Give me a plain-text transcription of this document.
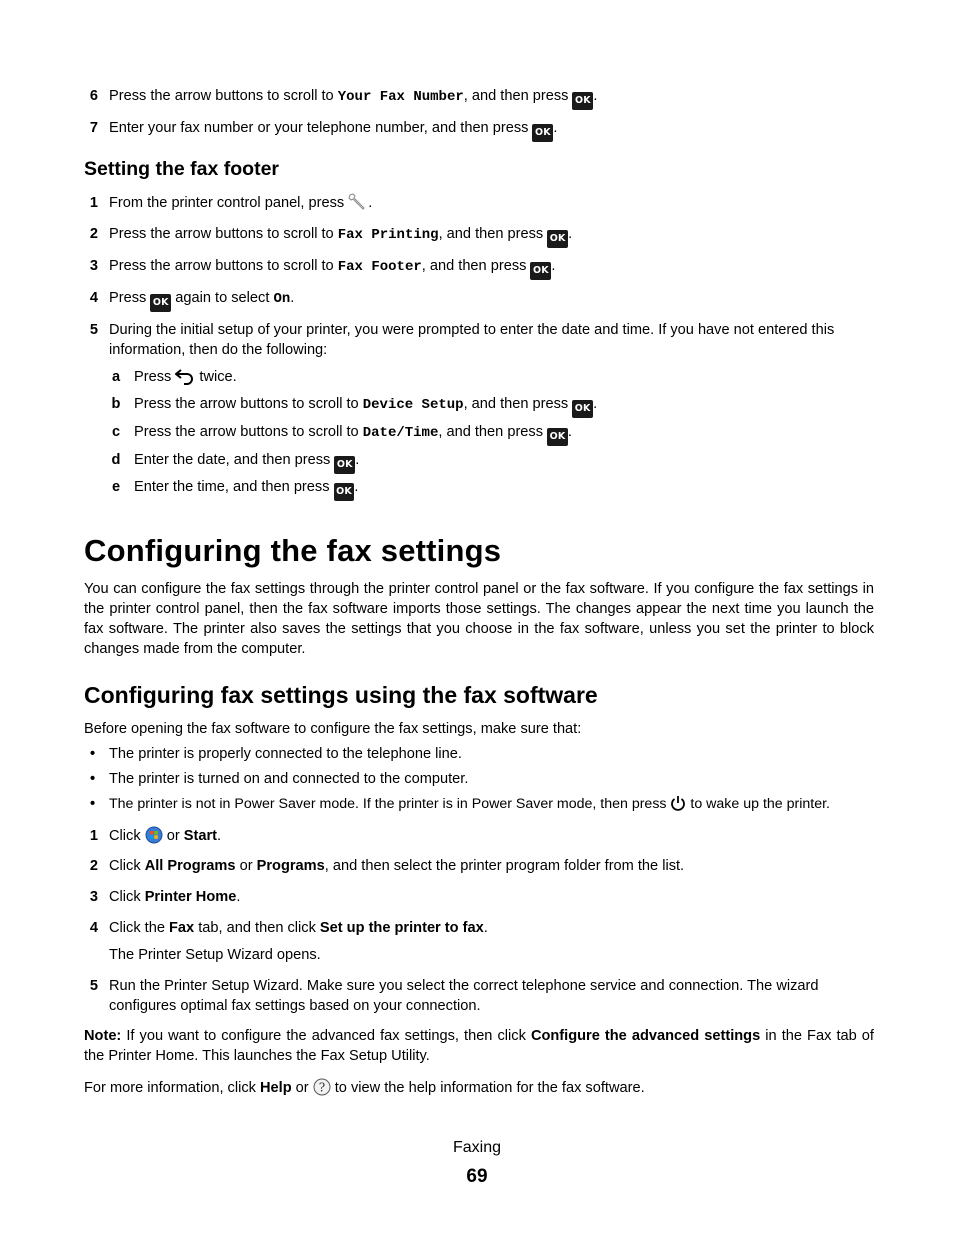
6 Press the arrow buttons to scroll to Your Fax Number, and then press OK .
7 Enter your fax number or your telephone number, and then press OK .
Setting the fax footer
1 From the printer control panel, press .
2 Press the arrow buttons to scroll to Fax Printing, and then press OK .
3 Press the arrow buttons to scroll to Fax Footer, and then press OK .
4 Press OK again to select On.
5 During the initial setup of your printer, you were prompted to enter the date and time. If you have not entered this information, then do the following:
a Press  twice.
b Press the arrow buttons to scroll to Device Setup, and then press OK .
c Press the arrow buttons to scroll to Date/Time, and then press OK .
d Enter the date, and then press OK .
e Enter the time, and then press OK .
Configuring the fax settings
You can configure the fax settings through the printer control panel or the fax software. If you configure the fax settings in the printer control panel, then the fax software imports those settings. The changes appear the next time you launch the fax software. The printer also saves the settings that you choose in the fax software, unless you set the printer to block changes made from the computer.
Configuring fax settings using the fax software
Before opening the fax software to configure the fax settings, make sure that:
• The printer is properly connected to the telephone line.
• The printer is turned on and connected to the computer.
• The printer is not in Power Saver mode. If the printer is in Power Saver mode, then press  to wake up the printer.
1 Click  or Start.
2 Click All Programs or Programs, and then select the printer program folder from the list.
3 Click Printer Home.
4 Click the Fax tab, and then click Set up the printer to fax.
The Printer Setup Wizard opens.
5 Run the Printer Setup Wizard. Make sure you select the correct telephone service and connection. The wizard configures optimal fax settings based on your connection.
Note: If you want to configure the advanced fax settings, then click Configure the advanced settings in the Fax tab of the Printer Home. This launches the Fax Setup Utility.
For more information, click Help or ? to view the help information for the fax software.
Faxing
69
